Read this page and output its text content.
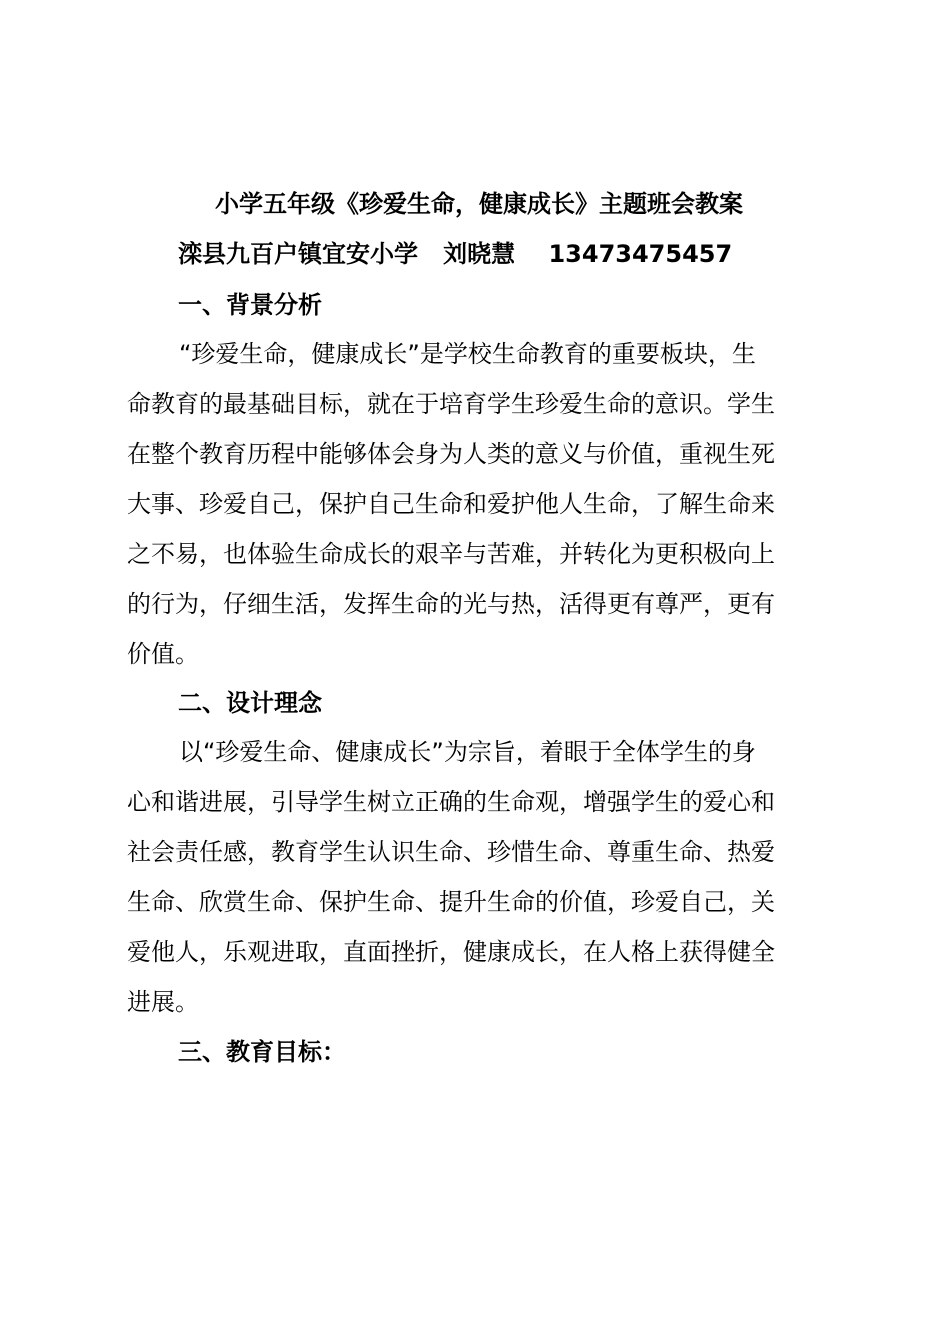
小学五年级《珍爱生命，健康成长》主题班会教案
滦县九百户镇宜安小学   刘晓慧    13473475457
一、背景分析
“珍爱生命，健康成长”是学校生命教育的重要板块，生
命教育的最基础目标，就在于培育学生珍爱生命的意识。学生
在整个教育历程中能够体会身为人类的意义与价值，重视生死
大事、珍爱自己，保护自己生命和爱护他人生命，了解生命来
之不易，也体验生命成长的艰辛与苦难，并转化为更积极向上
的行为，仔细生活，发挥生命的光与热，活得更有尊严，更有
价值。
二、设计理念
以“珍爱生命、健康成长”为宗旨，着眼于全体学生的身
心和谐进展，引导学生树立正确的生命观，增强学生的爱心和
社会责任感，教育学生认识生命、珍惜生命、尊重生命、热爱
生命、欣赏生命、保护生命、提升生命的价值，珍爱自己，关
爱他人，乐观进取，直面挫折，健康成长，在人格上获得健全
进展。
三、教育目标：
